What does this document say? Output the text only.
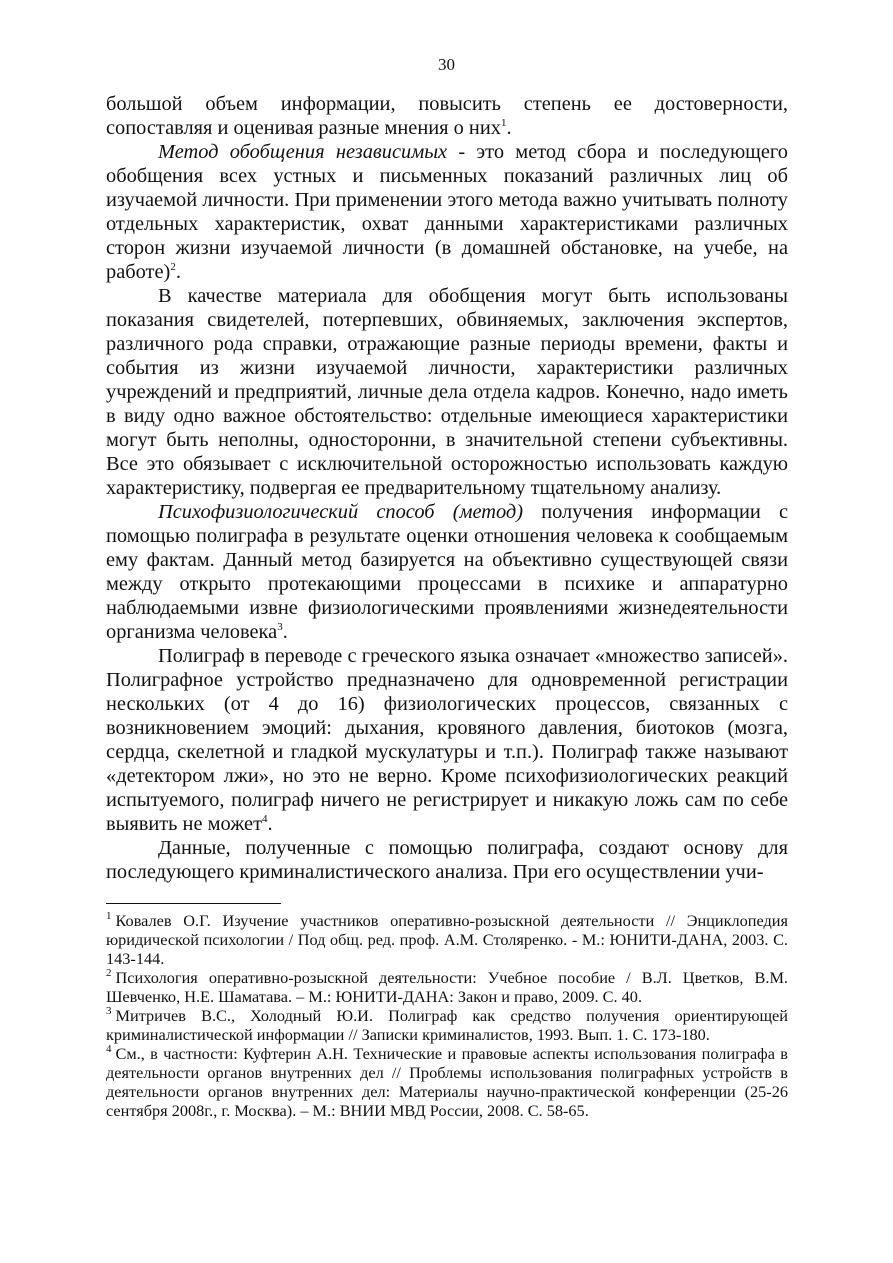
30

большой объем информации, повысить степень ее достоверности, сопоставляя и оценивая разные мнения о них$^1$.

Метод обобщения независимых - это метод сбора и последующего обобщения всех устных и письменных показаний различных лиц об изучаемой личности. При применении этого метода важно учитывать полноту отдельных характеристик, охват данными характеристиками различных сторон жизни изучаемой личности (в домашней обстановке, на учебе, на работе)$^2$.

В качестве материала для обобщения могут быть использованы показания свидетелей, потерпевших, обвиняемых, заключения экспертов, различного рода справки, отражающие разные периоды времени, факты и события из жизни изучаемой личности, характеристики различных учреждений и предприятий, личные дела отдела кадров. Конечно, надо иметь в виду одно важное обстоятельство: отдельные имеющиеся характеристики могут быть неполны, односторонни, в значительной степени субъективны. Все это обязывает с исключительной осторожностью использовать каждую характеристику, подвергая ее предварительному тщательному анализу.

Психофизиологический способ (метод) получения информации с помощью полиграфа в результате оценки отношения человека к сообщаемым ему фактам. Данный метод базируется на объективно существующей связи между открыто протекающими процессами в психике и аппаратурно наблюдаемыми извне физиологическими проявлениями жизнедеятельности организма человека$^3$.

Полиграф в переводе с греческого языка означает «множество записей». Полиграфное устройство предназначено для одновременной регистрации нескольких (от 4 до 16) физиологических процессов, связанных с возникновением эмоций: дыхания, кровяного давления, биотоков (мозга, сердца, скелетной и гладкой мускулатуры и т.п.). Полиграф также называют «детектором лжи», но это не верно. Кроме психофизиологических реакций испытуемого, полиграф ничего не регистрирует и никакую ложь сам по себе выявить не может$^4$.

Данные, полученные с помощью полиграфа, создают основу для последующего криминалистического анализа. При его осуществлении учи-

$^1$ Ковалев О.Г. Изучение участников оперативно-розыскной деятельности // Энциклопедия юридической психологии / Под общ. ред. проф. А.М. Столяренко. - М.: ЮНИТИ-ДАНА, 2003. С. 143-144.

$^2$ Психология оперативно-розыскной деятельности: Учебное пособие / В.Л. Цветков, В.М. Шевченко, Н.Е. Шаматава. – М.: ЮНИТИ-ДАНА: Закон и право, 2009. С. 40.

$^3$ Митричев В.С., Холодный Ю.И. Полиграф как средство получения ориентирующей криминалистической информации // Записки криминалистов, 1993. Вып. 1. С. 173-180.

$^4$ См., в частности: Куфтерин А.Н. Технические и правовые аспекты использования полиграфа в деятельности органов внутренних дел // Проблемы использования полиграфных устройств в деятельности органов внутренних дел: Материалы научно-практической конференции (25-26 сентября 2008г., г. Москва). – М.: ВНИИ МВД России, 2008. С. 58-65.
